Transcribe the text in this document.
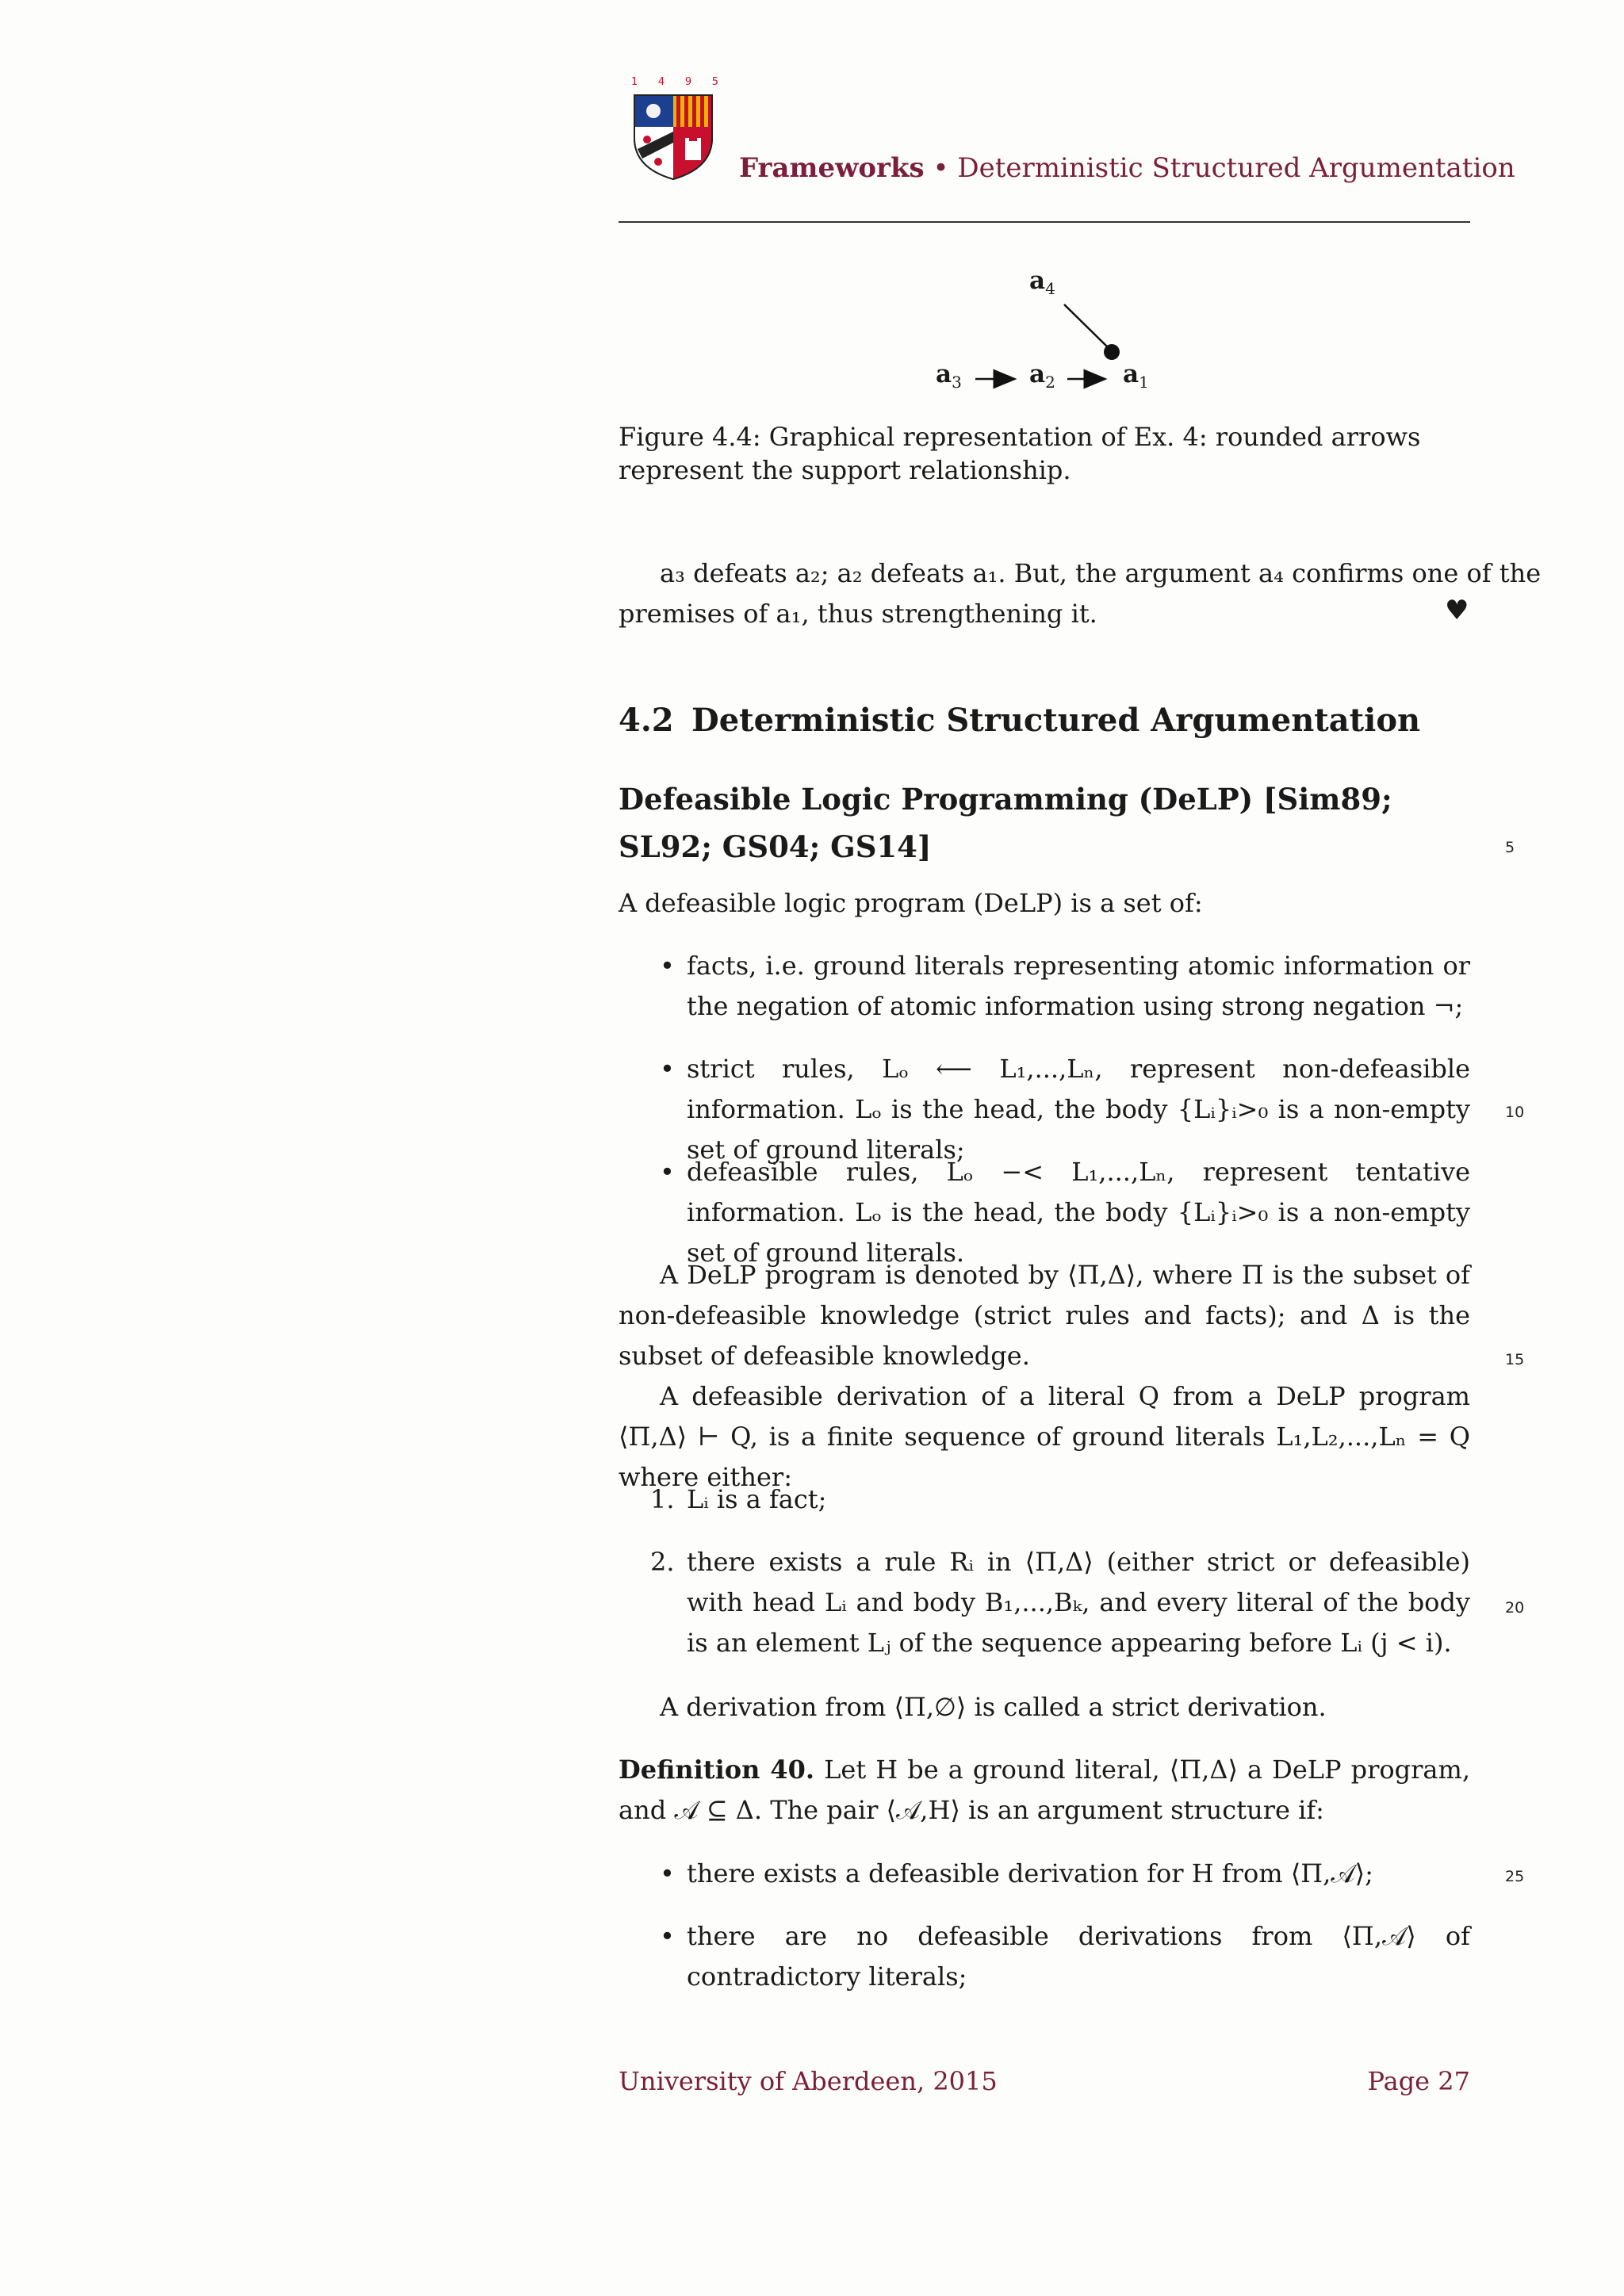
1 4 9 5
Frameworks • Deterministic Structured Argumentation
$a_4$
$a_3$	$a_2$	$a_1$
Figure 4.4: Graphical representation of Ex. 4: rounded arrows represent the support relationship.
a₃ defeats a₂; a₂ defeats a₁. But, the argument a₄ confirms one of the
premises of a₁, thus strengthening it.	♥
4.2 Deterministic Structured Argumentation
Defeasible Logic Programming (DeLP) [Sim89; SL92; GS04; GS14]
A defeasible logic program (DeLP) is a set of:
• facts, i.e. ground literals representing atomic information or the negation of atomic information using strong negation ¬;
• strict rules, Lₒ ⟵ L₁,...,Lₙ, represent non-defeasible information. Lₒ is the head, the body {Lᵢ}ᵢ>₀ is a non-empty set of ground literals;
• defeasible rules, Lₒ −< L₁,...,Lₙ, represent tentative information. Lₒ is the head, the body {Lᵢ}ᵢ>₀ is a non-empty set of ground literals.
A DeLP program is denoted by ⟨Π,Δ⟩, where Π is the subset of non-defeasible knowledge (strict rules and facts); and Δ is the subset of defeasible knowledge.
A defeasible derivation of a literal Q from a DeLP program ⟨Π,Δ⟩ ⊢ Q, is a finite sequence of ground literals L₁,L₂,...,Lₙ = Q where either:
1. Lᵢ is a fact;
2. there exists a rule Rᵢ in ⟨Π,Δ⟩ (either strict or defeasible) with head Lᵢ and body B₁,...,Bₖ, and every literal of the body is an element Lⱼ of the sequence appearing before Lᵢ (j < i).
A derivation from ⟨Π,∅⟩ is called a strict derivation.
Definition 40. Let H be a ground literal, ⟨Π,Δ⟩ a DeLP program, and 𝒜 ⊆ Δ. The pair ⟨𝒜,H⟩ is an argument structure if:
• there exists a defeasible derivation for H from ⟨Π,𝒜⟩;
• there are no defeasible derivations from ⟨Π,𝒜⟩ of contradictory literals;
5
10
15
20
25
University of Aberdeen, 2015	Page 27
